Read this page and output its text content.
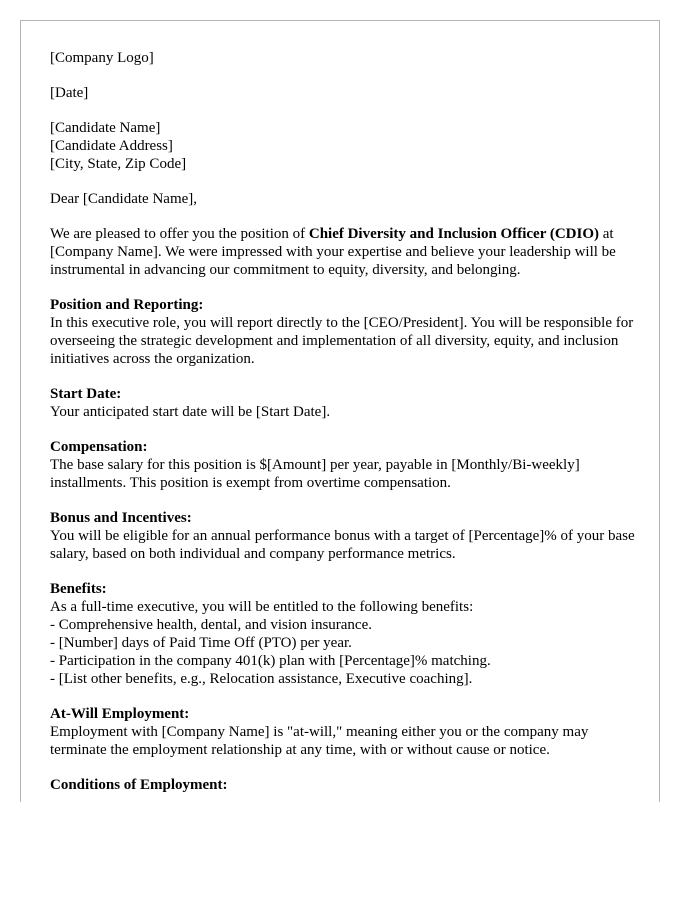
[Company Logo]

[Date]

[Candidate Name]
[Candidate Address]
[City, State, Zip Code]

Dear [Candidate Name],

We are pleased to offer you the position of Chief Diversity and Inclusion Officer (CDIO) at [Company Name]. We were impressed with your expertise and believe your leadership will be instrumental in advancing our commitment to equity, diversity, and belonging.

Position and Reporting:
In this executive role, you will report directly to the [CEO/President]. You will be responsible for overseeing the strategic development and implementation of all diversity, equity, and inclusion initiatives across the organization.

Start Date:
Your anticipated start date will be [Start Date].

Compensation:
The base salary for this position is $[Amount] per year, payable in [Monthly/Bi-weekly] installments. This position is exempt from overtime compensation.

Bonus and Incentives:
You will be eligible for an annual performance bonus with a target of [Percentage]% of your base salary, based on both individual and company performance metrics.

Benefits:
As a full-time executive, you will be entitled to the following benefits:
- Comprehensive health, dental, and vision insurance.
- [Number] days of Paid Time Off (PTO) per year.
- Participation in the company 401(k) plan with [Percentage]% matching.
- [List other benefits, e.g., Relocation assistance, Executive coaching].

At-Will Employment:
Employment with [Company Name] is "at-will," meaning either you or the company may terminate the employment relationship at any time, with or without cause or notice.

Conditions of Employment:
